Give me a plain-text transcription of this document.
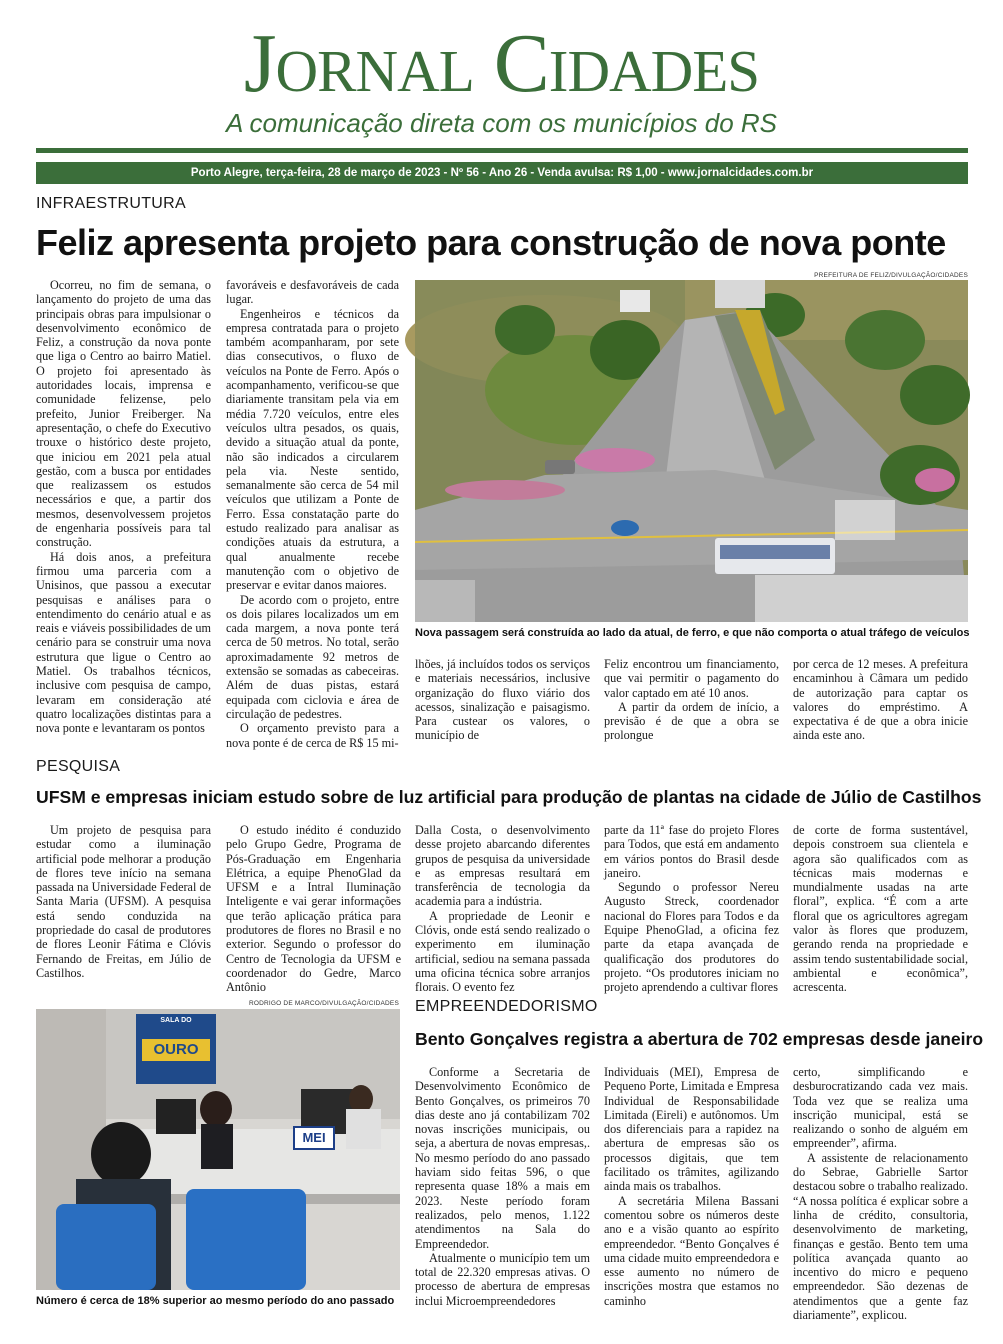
Jornal Cidades
A comunicação direta com os municípios do RS
Porto Alegre, terça-feira, 28 de março de 2023 - Nº 56 - Ano 26 - Venda avulsa: R$ 1,00 - www.jornalcidades.com.br
INFRAESTRUTURA
Feliz apresenta projeto para construção de nova ponte

Ocorreu, no fim de semana, o lançamento do projeto de uma das principais obras para impulsionar o desenvolvimento econômico de Feliz, a construção da nova ponte que liga o Centro ao bairro Matiel. O projeto foi apresentado às autoridades locais, imprensa e comunidade felizense, pelo prefeito, Junior Freiberger. Na apresentação, o chefe do Executivo trouxe o histórico deste projeto, que iniciou em 2021 pela atual gestão, com a busca por entidades que realizassem os estudos necessários e que, a partir dos mesmos, desenvolvessem projetos de engenharia possíveis para tal construção.

Há dois anos, a prefeitura firmou uma parceria com a Unisinos, que passou a executar pesquisas e análises para o entendimento do cenário atual e as reais e viáveis possibilidades de um cenário para se construir uma nova estrutura que ligue o Centro ao Matiel. Os trabalhos técnicos, inclusive com pesquisa de campo, levaram em consideração até quatro localizações distintas para a nova ponte e levantaram os pontos

favoráveis e desfavoráveis de cada lugar.

Engenheiros e técnicos da empresa contratada para o projeto também acompanharam, por sete dias consecutivos, o fluxo de veículos na Ponte de Ferro. Após o acompanhamento, verificou-se que diariamente transitam pela via em média 7.720 veículos, entre eles veículos ultra pesados, os quais, devido a situação atual da ponte, não são indicados a circularem pela via. Neste sentido, semanalmente são cerca de 54 mil veículos que utilizam a Ponte de Ferro. Essa constatação parte do estudo realizado para analisar as condições atuais da estrutura, a qual anualmente recebe manutenção com o objetivo de preservar e evitar danos maiores.

De acordo com o projeto, entre os dois pilares localizados um em cada margem, a nova ponte terá cerca de 50 metros. No total, serão aproximadamente 92 metros de extensão se somadas as cabeceiras. Além de duas pistas, estará equipada com ciclovia e área de circulação de pedestres.

O orçamento previsto para a nova ponte é de cerca de R$ 15 mi-

PREFEITURA DE FELIZ/DIVULGAÇÃO/CIDADES
Nova passagem será construída ao lado da atual, de ferro, e que não comporta o atual tráfego de veículos

lhões, já incluídos todos os serviços e materiais necessários, inclusive organização do fluxo viário dos acessos, sinalização e paisagismo. Para custear os valores, o município de

Feliz encontrou um financiamento, que vai permitir o pagamento do valor captado em até 10 anos.

A partir da ordem de início, a previsão é de que a obra se prolongue

por cerca de 12 meses. A prefeitura encaminhou à Câmara um pedido de autorização para captar os valores do empréstimo. A expectativa é de que a obra inicie ainda este ano.

PESQUISA
UFSM e empresas iniciam estudo sobre de luz artificial para produção de plantas na cidade de Júlio de Castilhos

Um projeto de pesquisa para estudar como a iluminação artificial pode melhorar a produção de flores teve início na semana passada na Universidade Federal de Santa Maria (UFSM). A pesquisa está sendo conduzida na propriedade do casal de produtores de flores Leonir Fátima e Clóvis Fernando de Freitas, em Júlio de Castilhos.

O estudo inédito é conduzido pelo Grupo Gedre, Programa de Pós-Graduação em Engenharia Elétrica, a equipe PhenoGlad da UFSM e a Intral Iluminação Inteligente e vai gerar informações que terão aplicação prática para produtores de flores no Brasil e no exterior. Segundo o professor do Centro de Tecnologia da UFSM e coordenador do Gedre, Marco Antônio

Dalla Costa, o desenvolvimento desse projeto abarcando diferentes grupos de pesquisa da universidade e as empresas resultará em transferência de tecnologia da academia para a indústria.

A propriedade de Leonir e Clóvis, onde está sendo realizado o experimento em iluminação artificial, sediou na semana passada uma oficina técnica sobre arranjos florais. O evento fez

parte da 11ª fase do projeto Flores para Todos, que está em andamento em vários pontos do Brasil desde janeiro.

Segundo o professor Nereu Augusto Streck, coordenador nacional do Flores para Todos e da Equipe PhenoGlad, a oficina fez parte da etapa avançada de qualificação dos produtores do projeto. “Os produtores iniciam no projeto aprendendo a cultivar flores

de corte de forma sustentável, depois constroem sua clientela e agora são qualificados com as técnicas mais modernas e mundialmente usadas na arte floral”, explica. “É com a arte floral que os agricultores agregam valor às flores que produzem, gerando renda na propriedade e assim tendo sustentabilidade social, ambiental e econômica”, acrescenta.

RODRIGO DE MARCO/DIVULGAÇÃO/CIDADES
SALA DO
OURO
MEI
Número é cerca de 18% superior ao mesmo período do ano passado
EMPREENDEDORISMO
Bento Gonçalves registra a abertura de 702 empresas desde janeiro

Conforme a Secretaria de Desenvolvimento Econômico de Bento Gonçalves, os primeiros 70 dias deste ano já contabilizam 702 novas inscrições municipais, ou seja, a abertura de novas empresas,. No mesmo período do ano passado haviam sido feitas 596, o que representa quase 18% a mais em 2023. Neste período foram realizados, pelo menos, 1.122 atendimentos na Sala do Empreendedor.

Atualmente o município tem um total de 22.320 empresas ativas. O processo de abertura de empresas inclui Microempreendedores

Individuais (MEI), Empresa de Pequeno Porte, Limitada e Empresa Individual de Responsabilidade Limitada (Eireli) e autônomos. Um dos diferenciais para a rapidez na abertura de empresas são os processos digitais, que tem facilitado os trâmites, agilizando ainda mais os trabalhos.

A secretária Milena Bassani comentou sobre os números deste ano e a visão quanto ao espírito empreendedor. “Bento Gonçalves é uma cidade muito empreendedora e esse aumento no número de inscrições mostra que estamos no caminho

certo, simplificando e desburocratizando cada vez mais. Toda vez que se realiza uma inscrição municipal, está se realizando o sonho de alguém em empreender”, afirma.

A assistente de relacionamento do Sebrae, Gabrielle Sartor destacou sobre o trabalho realizado. “A nossa política é explicar sobre a linha de crédito, consultoria, desenvolvimento de marketing, finanças e gestão. Bento tem uma política avançada quanto ao incentivo do micro e pequeno empreendedor. São dezenas de atendimentos que a gente faz diariamente”, explicou.
